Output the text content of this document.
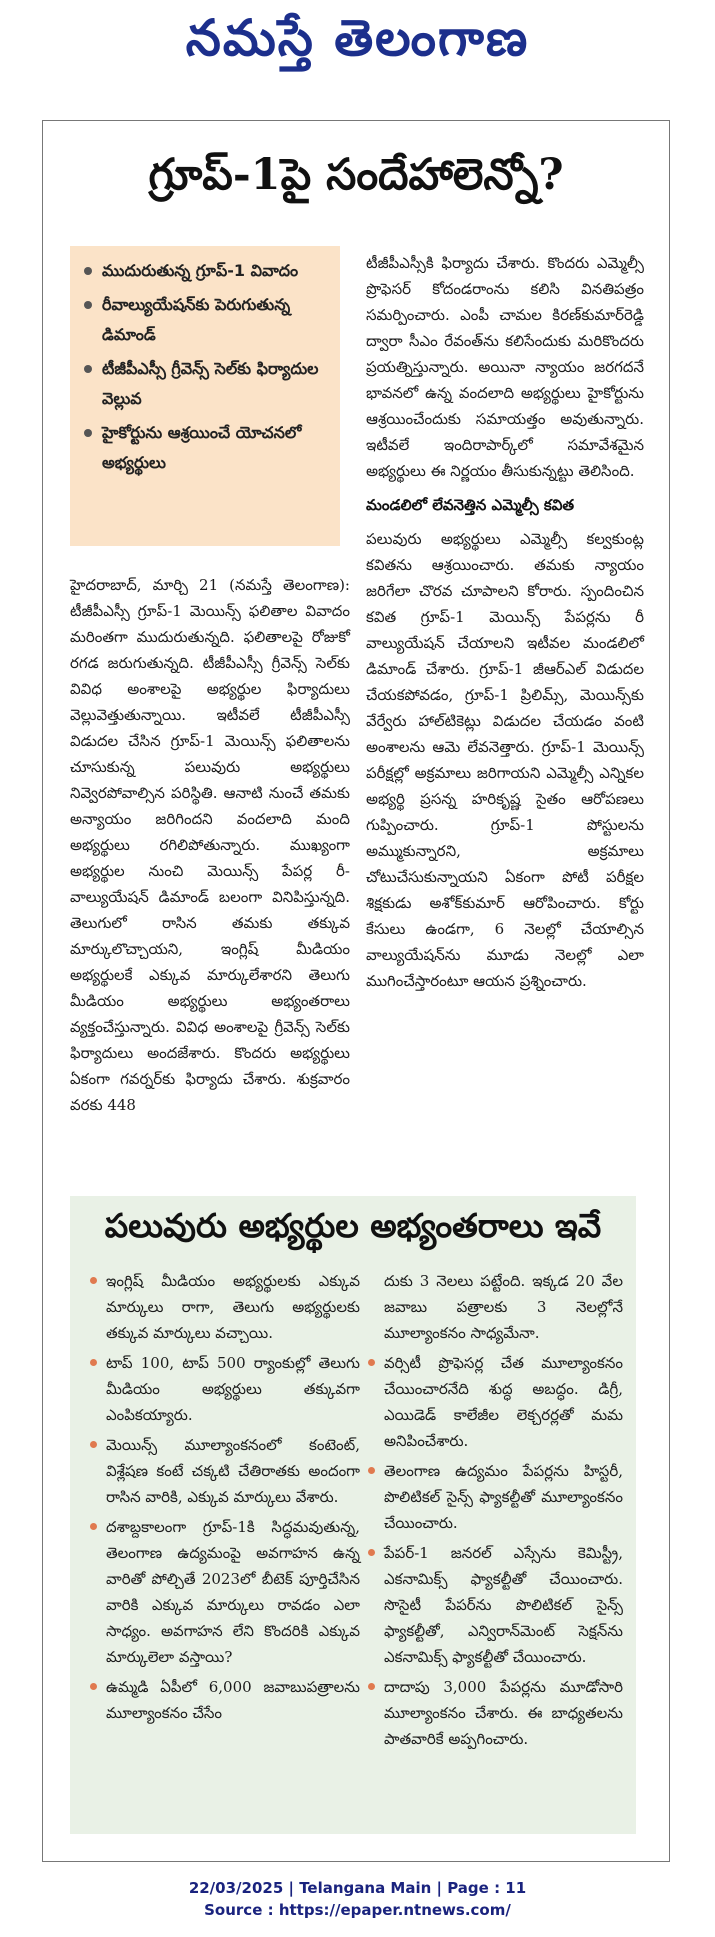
నమస్తే తెలంగాణ
గ్రూప్‌-1పై సందేహాలెన్నో?
ముదురుతున్న గ్రూప్‌-1 వివాదం
రీవాల్యుయేషన్‌కు పెరుగుతున్న డిమాండ్‌
టీజీపీఎస్సీ గ్రీవెన్స్‌ సెల్‌కు ఫిర్యాదుల వెల్లువ
హైకోర్టును ఆశ్రయించే యోచనలో అభ్యర్థులు

హైదరాబాద్‌, మార్చి 21 (నమస్తే తెలంగాణ): టీజీపీఎస్సీ గ్రూప్‌-1 మెయిన్స్‌ ఫలితాల వివాదం మరింతగా ముదురుతున్నది. ఫలితాలపై రోజుకో రగడ జరుగుతున్నది. టీజీపీఎస్సీ గ్రీవెన్స్‌ సెల్‌కు వివిధ అంశాలపై అభ్యర్థుల ఫిర్యాదులు వెల్లువెత్తుతున్నాయి. ఇటీవలే టీజీపీఎస్సీ విడుదల చేసిన గ్రూప్‌-1 మెయిన్స్‌ ఫలితాలను చూసుకున్న పలువురు అభ్యర్థులు నివ్వెరపోవాల్సిన పరిస్థితి. ఆనాటి నుంచే తమకు అన్యాయం జరిగిందని వందలాది మంది అభ్యర్థులు రగిలిపోతున్నారు. ముఖ్యంగా అభ్యర్థుల నుంచి మెయిన్స్‌ పేపర్ల రీ-వాల్యుయేషన్‌ డిమాండ్‌ బలంగా వినిపిస్తున్నది. తెలుగులో రాసిన తమకు తక్కువ మార్కులొచ్చాయని, ఇంగ్లిష్‌ మీడియం అభ్యర్థులకే ఎక్కువ మార్కులేశారని తెలుగు మీడియం అభ్యర్థులు అభ్యంతరాలు వ్యక్తంచేస్తున్నారు. వివిధ అంశాలపై గ్రీవెన్స్‌ సెల్‌కు ఫిర్యాదులు అందజేశారు. కొందరు అభ్యర్థులు ఏకంగా గవర్నర్‌కు ఫిర్యాదు చేశారు. శుక్రవారం వరకు 448

టీజీపీఎస్సీకి ఫిర్యాదు చేశారు. కొందరు ఎమ్మెల్సీ ప్రొఫెసర్‌ కోదండరాంను కలిసి వినతిపత్రం సమర్పించారు. ఎంపీ చామల కిరణ్‌కుమార్‌రెడ్డి ద్వారా సీఎం రేవంత్‌ను కలిసేందుకు మరికొందరు ప్రయత్నిస్తున్నారు. అయినా న్యాయం జరగదనే భావనలో ఉన్న వందలాది అభ్యర్థులు హైకోర్టును ఆశ్రయించేందుకు సమాయత్తం అవుతున్నారు. ఇటీవలే ఇందిరాపార్క్‌లో సమావేశమైన అభ్యర్థులు ఈ నిర్ణయం తీసుకున్నట్టు తెలిసింది.

మండలిలో లేవనెత్తిన ఎమ్మెల్సీ కవిత

పలువురు అభ్యర్థులు ఎమ్మెల్సీ కల్వకుంట్ల కవితను ఆశ్రయించారు. తమకు న్యాయం జరిగేలా చొరవ చూపాలని కోరారు. స్పందించిన కవిత గ్రూప్‌-1 మెయిన్స్‌ పేపర్లను రీ వాల్యుయేషన్‌ చేయాలని ఇటీవల మండలిలో డిమాండ్‌ చేశారు. గ్రూప్‌-1 జీఆర్‌ఎల్‌ విడుదల చేయకపోవడం, గ్రూప్‌-1 ప్రిలిమ్స్‌, మెయిన్స్‌కు వేర్వేరు హాల్‌టికెట్లు విడుదల చేయడం వంటి అంశాలను ఆమె లేవనెత్తారు. గ్రూప్‌-1 మెయిన్స్‌ పరీక్షల్లో అక్రమాలు జరిగాయని ఎమ్మెల్సీ ఎన్నికల అభ్యర్థి ప్రసన్న హరికృష్ణ సైతం ఆరోపణలు గుప్పించారు. గ్రూప్‌-1 పోస్టులను అమ్ముకున్నారని, అక్రమాలు చోటుచేసుకున్నాయని ఏకంగా పోటీ పరీక్షల శిక్షకుడు అశోక్‌కుమార్‌ ఆరోపించారు. కోర్టు కేసులు ఉండగా, 6 నెలల్లో చేయాల్సిన వాల్యుయేషన్‌ను మూడు నెలల్లో ఎలా ముగించేస్తారంటూ ఆయన ప్రశ్నించారు.

పలువురు అభ్యర్థుల అభ్యంతరాలు ఇవే
ఇంగ్లిష్‌ మీడియం అభ్యర్థులకు ఎక్కువ మార్కులు రాగా, తెలుగు అభ్యర్థులకు తక్కువ మార్కులు వచ్చాయి.
టాప్‌ 100, టాప్‌ 500 ర్యాంకుల్లో తెలుగు మీడియం అభ్యర్థులు తక్కువగా ఎంపికయ్యారు.
మెయిన్స్‌ మూల్యాంకనంలో కంటెంట్‌, విశ్లేషణ కంటే చక్కటి చేతిరాతకు అందంగా రాసిన వారికి, ఎక్కువ మార్కులు వేశారు.
దశాబ్దకాలంగా గ్రూప్‌-1కి సిద్ధమవుతున్న, తెలంగాణ ఉద్యమంపై అవగాహన ఉన్న వారితో పోల్చితే 2023లో బీటెక్‌ పూర్తిచేసిన వారికి ఎక్కువ మార్కులు రావడం ఎలా సాధ్యం. అవగాహన లేని కొందరికి ఎక్కువ మార్కులెలా వస్తాయి?
ఉమ్మడి ఏపీలో 6,000 జవాబుపత్రాలను మూల్యాంకనం చేసేం
దుకు 3 నెలలు పట్టేంది. ఇక్కడ 20 వేల జవాబు పత్రాలకు 3 నెలల్లోనే మూల్యాంకనం సాధ్యమేనా.
వర్సిటీ ప్రొఫెసర్ల చేత మూల్యాంకనం చేయించారనేది శుద్ధ అబద్ధం. డిగ్రీ, ఎయిడెడ్‌ కాలేజీల లెక్చరర్లతో మమ అనిపించేశారు.
తెలంగాణ ఉద్యమం పేపర్లను హిస్టరీ, పొలిటికల్‌ సైన్స్‌ ఫ్యాకల్టీతో మూల్యాంకనం చేయించారు.
పేపర్‌-1 జనరల్‌ ఎస్సేను కెమిస్ట్రీ, ఎకనామిక్స్‌ ఫ్యాకల్టీతో చేయించారు. సొసైటీ పేపర్‌ను పొలిటికల్‌ సైన్స్‌ ఫ్యాకల్టీతో, ఎన్విరాన్‌మెంట్‌ సెక్షన్‌ను ఎకనామిక్స్‌ ఫ్యాకల్టీతో చేయించారు.
దాదాపు 3,000 పేపర్లను మూడోసారి మూల్యాంకనం చేశారు. ఈ బాధ్యతలను పాతవారికే అప్పగించారు.
22/03/2025 | Telangana Main | Page : 11
Source : https://epaper.ntnews.com/
